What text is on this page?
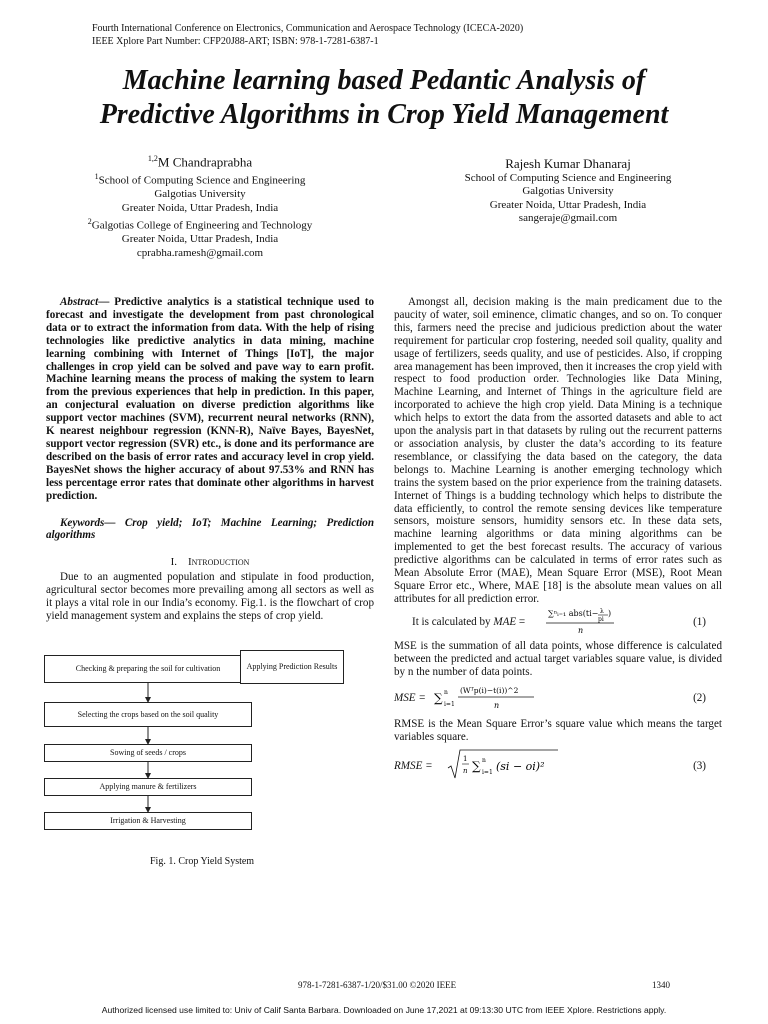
Fourth International Conference on Electronics, Communication and Aerospace Technology (ICECA-2020)
IEEE Xplore Part Number: CFP20J88-ART; ISBN: 978-1-7281-6387-1
Machine learning based Pedantic Analysis of
Predictive Algorithms in Crop Yield Management
$^{1,2}$M Chandraprabha
$^1$School of Computing Science and Engineering
Galgotias University
Greater Noida, Uttar Pradesh, India
$^2$Galgotias College of Engineering and Technology
Greater Noida, Uttar Pradesh, India
cprabha.ramesh@gmail.com
Rajesh Kumar Dhanaraj
School of Computing Science and Engineering
Galgotias University
Greater Noida, Uttar Pradesh, India
sangeraje@gmail.com

Abstract— Predictive analytics is a statistical technique used to forecast and investigate the development from past chronological data or to extract the information from data. With the help of rising technologies like predictive analytics in data mining, machine learning combining with Internet of Things [IoT], the major challenges in crop yield can be solved and pave way to earn profit. Machine learning means the process of making the system to learn from the previous experiences that help in prediction. In this paper, an conjectural evaluation on diverse prediction algorithms like support vector machines (SVM), recurrent neural networks (RNN), K nearest neighbour regression (KNN-R), Naïve Bayes, BayesNet, support vector regression (SVR) etc., is done and its performance are described on the basis of error rates and accuracy level in crop yield. BayesNet shows the higher accuracy of about 97.53% and RNN has less percentage error rates that dominate other algorithms in harvest prediction.

Keywords— Crop yield; IoT; Machine Learning; Prediction algorithms

I. Introduction

Due to an augmented population and stipulate in food production, agricultural sector becomes more prevailing among all sectors as well as it plays a vital role in our India’s economy. Fig.1. is the flowchart of crop yield management system and explains the steps of crop yield.

Checking & preparing the soil for cultivation
Selecting the crops based on the soil quality
Sowing of seeds / crops
Applying manure & fertilizers
Irrigation & Harvesting
Applying Prediction Results
Fig. 1. Crop Yield System

Amongst all, decision making is the main predicament due to the paucity of water, soil eminence, climatic changes, and so on. To conquer this, farmers need the precise and judicious prediction about the water requirement for particular crop fostering, needed soil quality, quality and usage of fertilizers, seeds quality, and use of pesticides. Also, if cropping area management has been improved, then it increases the crop yield with respect to food production order. Technologies like Data Mining, Machine Learning, and Internet of Things in the agriculture field are incorporated to achieve the high crop yield. Data Mining is a technique which helps to extort the data from the assorted datasets and able to act upon the analysis part in that datasets by ruling out the recurrent patterns or association analysis, by cluster the data’s according to its feature resemblance, or classifying the data based on the category, the data belongs to. Machine Learning is another emerging technology which trains the system based on the prior experience from the training datasets. Internet of Things is a budding technology which helps to distribute the data efficiently, to control the remote sensing devices like temperature sensors, moisture sensors, humidity sensors etc. In these data sets, machine learning algorithms or data mining algorithms can be implemented to get the best forecast results. The accuracy of various predictive algorithms can be calculated in terms of error rates such as Mean Absolute Error (MAE), Mean Square Error (MSE), Root Mean Square Error etc., Where, MAE [18] is the absolute mean values on all attributes for all prediction error.

It is calculated by MAE =
∑ⁿᵢ₌₁ abs(ti− λ
pi
)
n
(1)

MSE is the summation of all data points, whose difference is calculated between the predicted and actual target variables square value, is divided by n the number of data points.

MSE = ∑ n
i=1
(Wᵀp(i)−t(i))^2
n
(2)

RMSE is the Mean Square Error’s square value which means the target variables square.

RMSE =
1
n ∑ n
i=1 (si − oi)²	(3)
978-1-7281-6387-1/20/$31.00 ©2020 IEEE	1340
Authorized licensed use limited to: Univ of Calif Santa Barbara. Downloaded on June 17,2021 at 09:13:30 UTC from IEEE Xplore. Restrictions apply.
